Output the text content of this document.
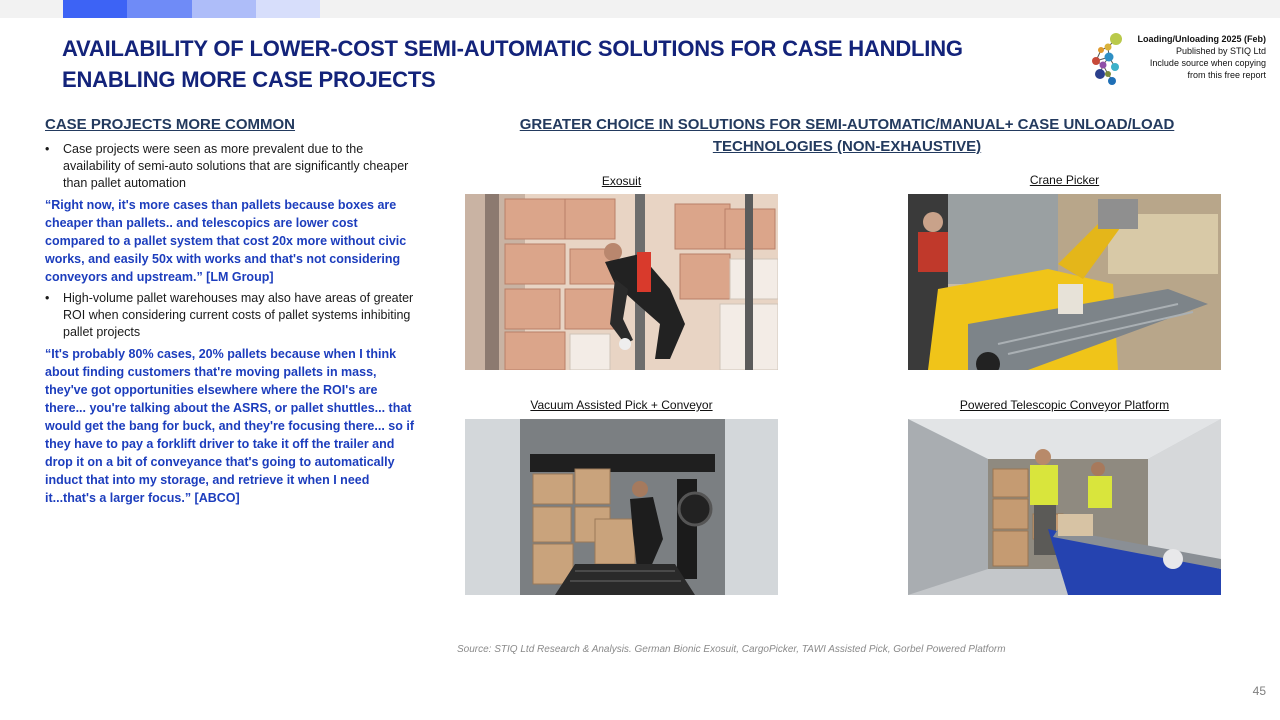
AVAILABILITY OF LOWER-COST SEMI-AUTOMATIC SOLUTIONS FOR CASE HANDLING
ENABLING MORE CASE PROJECTS
Loading/Unloading 2025 (Feb)
Published by STIQ Ltd
Include source when copying
from this free report
CASE PROJECTS MORE COMMON
• Case projects were seen as more prevalent due to the availability of semi-auto solutions that are significantly cheaper than pallet automation
“Right now, it's more cases than pallets because boxes are cheaper than pallets.. and telescopics are lower cost compared to a pallet system that cost 20x more without civic works, and easily 50x with works and that's not considering conveyors and upstream.” [LM Group]
• High-volume pallet warehouses may also have areas of greater ROI when considering current costs of pallet systems inhibiting pallet projects
“It's probably 80% cases, 20% pallets because when I think about finding customers that're moving pallets in mass, they've got opportunities elsewhere where the ROI's are there... you're talking about the ASRS, or pallet shuttles... that would get the bang for buck, and they're focusing there... so if they have to pay a forklift driver to take it off the trailer and drop it on a bit of conveyance that's going to automatically induct that into my storage, and retrieve it when I need it...that's a larger focus.” [ABCO]
GREATER CHOICE IN SOLUTIONS FOR SEMI-AUTOMATIC/MANUAL+ CASE UNLOAD/LOAD
TECHNOLOGIES (NON-EXHAUSTIVE)
Exosuit	Crane Picker
Vacuum Assisted Pick + Conveyor	Powered Telescopic Conveyor Platform
Source: STIQ Ltd Research & Analysis. German Bionic Exosuit, CargoPicker, TAWI Assisted Pick, Gorbel Powered Platform
45
